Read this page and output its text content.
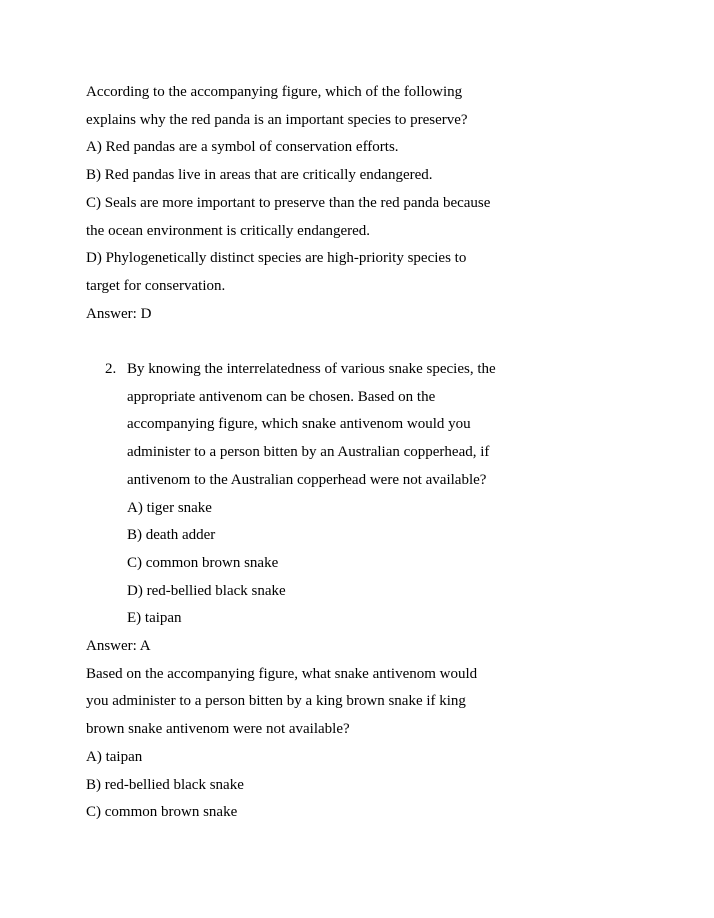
According to the accompanying figure, which of the following
explains why the red panda is an important species to preserve?
A) Red pandas are a symbol of conservation efforts.
B) Red pandas live in areas that are critically endangered.
C) Seals are more important to preserve than the red panda because
the ocean environment is critically endangered.
D) Phylogenetically distinct species are high-priority species to
target for conservation.
Answer: D
2. By knowing the interrelatedness of various snake species, the
appropriate antivenom can be chosen. Based on the
accompanying figure, which snake antivenom would you
administer to a person bitten by an Australian copperhead, if
antivenom to the Australian copperhead were not available?
A) tiger snake
B) death adder
C) common brown snake
D) red-bellied black snake
E) taipan
Answer: A
Based on the accompanying figure, what snake antivenom would
you administer to a person bitten by a king brown snake if king
brown snake antivenom were not available?
A) taipan
B) red-bellied black snake
C) common brown snake
